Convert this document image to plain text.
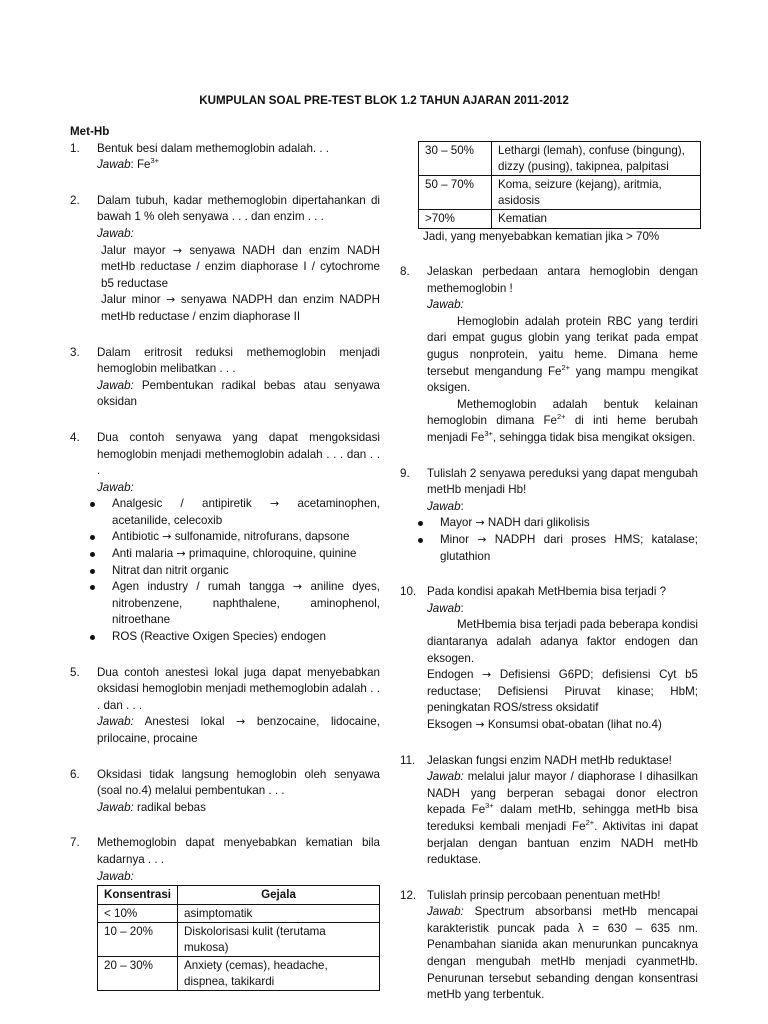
KUMPULAN SOAL PRE-TEST BLOK 1.2 TAHUN AJARAN 2011-2012
Met-Hb
1. Bentuk besi dalam methemoglobin adalah. . .
Jawab: $Fe^{3+}$
2. Dalam tubuh, kadar methemoglobin dipertahankan di bawah 1 % oleh senyawa . . . dan enzim . . .
Jawab:
Jalur mayor → senyawa NADH dan enzim NADH metHb reductase / enzim diaphorase I / cytochrome b5 reductase
Jalur minor → senyawa NADPH dan enzim NADPH metHb reductase / enzim diaphorase II
3. Dalam eritrosit reduksi methemoglobin menjadi hemoglobin melibatkan . . .
Jawab: Pembentukan radikal bebas atau senyawa oksidan
4. Dua contoh senyawa yang dapat mengoksidasi hemoglobin menjadi methemoglobin adalah . . . dan . . .
Jawab:
Analgesic / antipiretik → acetaminophen, acetanilide, celecoxib
Antibiotic → sulfonamide, nitrofurans, dapsone
Anti malaria → primaquine, chloroquine, quinine
Nitrat dan nitrit organic
Agen industry / rumah tangga → aniline dyes, nitrobenzene, naphthalene, aminophenol, nitroethane
ROS (Reactive Oxigen Species) endogen
5. Dua contoh anestesi lokal juga dapat menyebabkan oksidasi hemoglobin menjadi methemoglobin adalah . . . dan . . .
Jawab: Anestesi lokal → benzocaine, lidocaine, prilocaine, procaine
6. Oksidasi tidak langsung hemoglobin oleh senyawa (soal no.4) melalui pembentukan . . .
Jawab: radikal bebas
7. Methemoglobin dapat menyebabkan kematian bila kadarnya . . .
Jawab:
Konsentrasi	Gejala
< 10%	asimptomatik
10 – 20%	Diskolorisasi kulit (terutama mukosa)
20 – 30%	Anxiety (cemas), headache, dispnea, takikardi
30 – 50%	Lethargi (lemah), confuse (bingung), dizzy (pusing), takipnea, palpitasi
50 – 70%	Koma, seizure (kejang), aritmia, asidosis
>70%	Kematian
Jadi, yang menyebabkan kematian jika > 70%
8. Jelaskan perbedaan antara hemoglobin dengan methemoglobin !
Jawab:
Hemoglobin adalah protein RBC yang terdiri dari empat gugus globin yang terikat pada empat gugus nonprotein, yaitu heme. Dimana heme tersebut mengandung $Fe^{2+}$ yang mampu mengikat oksigen.
Methemoglobin adalah bentuk kelainan hemoglobin dimana $Fe^{2+}$ di inti heme berubah menjadi $Fe^{3+}$, sehingga tidak bisa mengikat oksigen.
9. Tulislah 2 senyawa pereduksi yang dapat mengubah metHb menjadi Hb!
Jawab:
Mayor → NADH dari glikolisis
Minor → NADPH dari proses HMS; katalase; glutathion
10. Pada kondisi apakah MetHbemia bisa terjadi ?
Jawab:
MetHbemia bisa terjadi pada beberapa kondisi diantaranya adalah adanya faktor endogen dan eksogen.
Endogen → Defisiensi G6PD; defisiensi Cyt b5 reductase; Defisiensi Piruvat kinase; HbM; peningkatan ROS/stress oksidatif
Eksogen → Konsumsi obat-obatan (lihat no.4)
11. Jelaskan fungsi enzim NADH metHb reduktase!
Jawab: melalui jalur mayor / diaphorase I dihasilkan NADH yang berperan sebagai donor electron kepada $Fe^{3+}$ dalam metHb, sehingga metHb bisa tereduksi kembali menjadi $Fe^{2+}$. Aktivitas ini dapat berjalan dengan bantuan enzim NADH metHb reduktase.
12. Tulislah prinsip percobaan penentuan metHb!
Jawab: Spectrum absorbansi metHb mencapai karakteristik puncak pada λ = 630 – 635 nm. Penambahan sianida akan menurunkan puncaknya dengan mengubah metHb menjadi cyanmetHb. Penurunan tersebut sebanding dengan konsentrasi metHb yang terbentuk.
